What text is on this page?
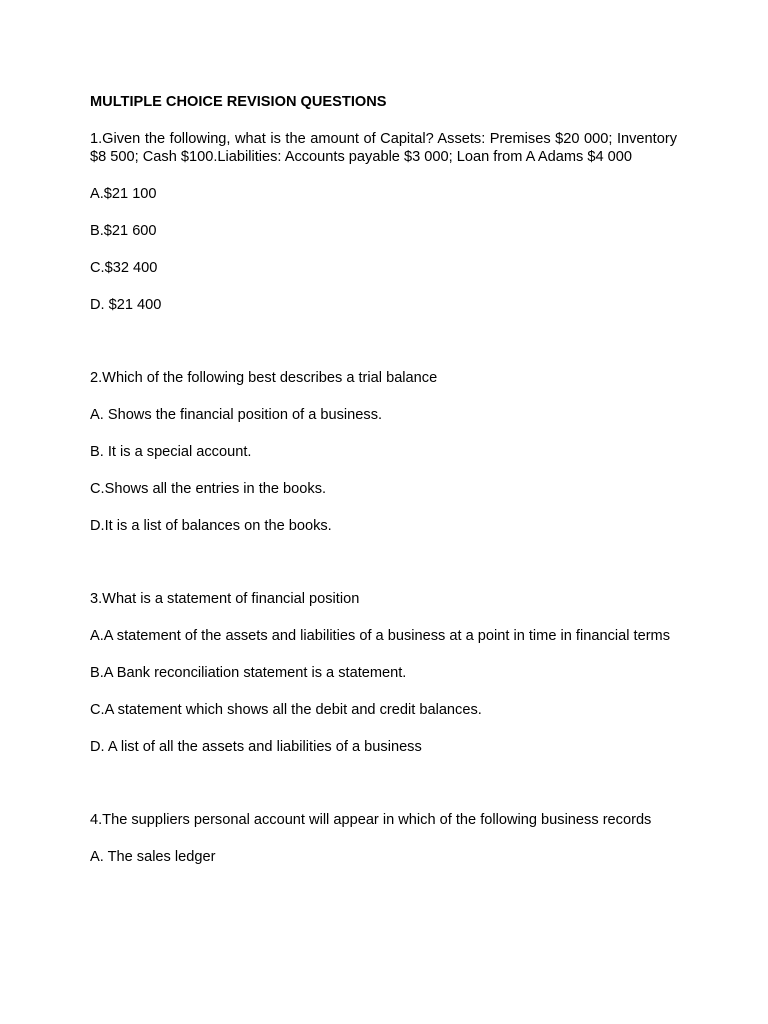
MULTIPLE CHOICE REVISION QUESTIONS
1.Given the following, what is the amount of Capital? Assets: Premises $20 000; Inventory $8 500; Cash $100.Liabilities: Accounts payable $3 000; Loan from A Adams $4 000
A.$21 100
B.$21 600
C.$32 400
D. $21 400
2.Which of the following best describes a trial balance
A. Shows the financial position of a business.
B. It is a special account.
C.Shows all the entries in the books.
D.It is a list of balances on the books.
3.What is a statement of financial position
A.A statement of the assets and liabilities of a business at a point in time in financial terms
B.A Bank reconciliation statement is a statement.
C.A statement which shows all the debit and credit balances.
D. A list of all the assets and liabilities of a business
4.The suppliers personal account will appear in which of the following business records
A. The sales ledger
